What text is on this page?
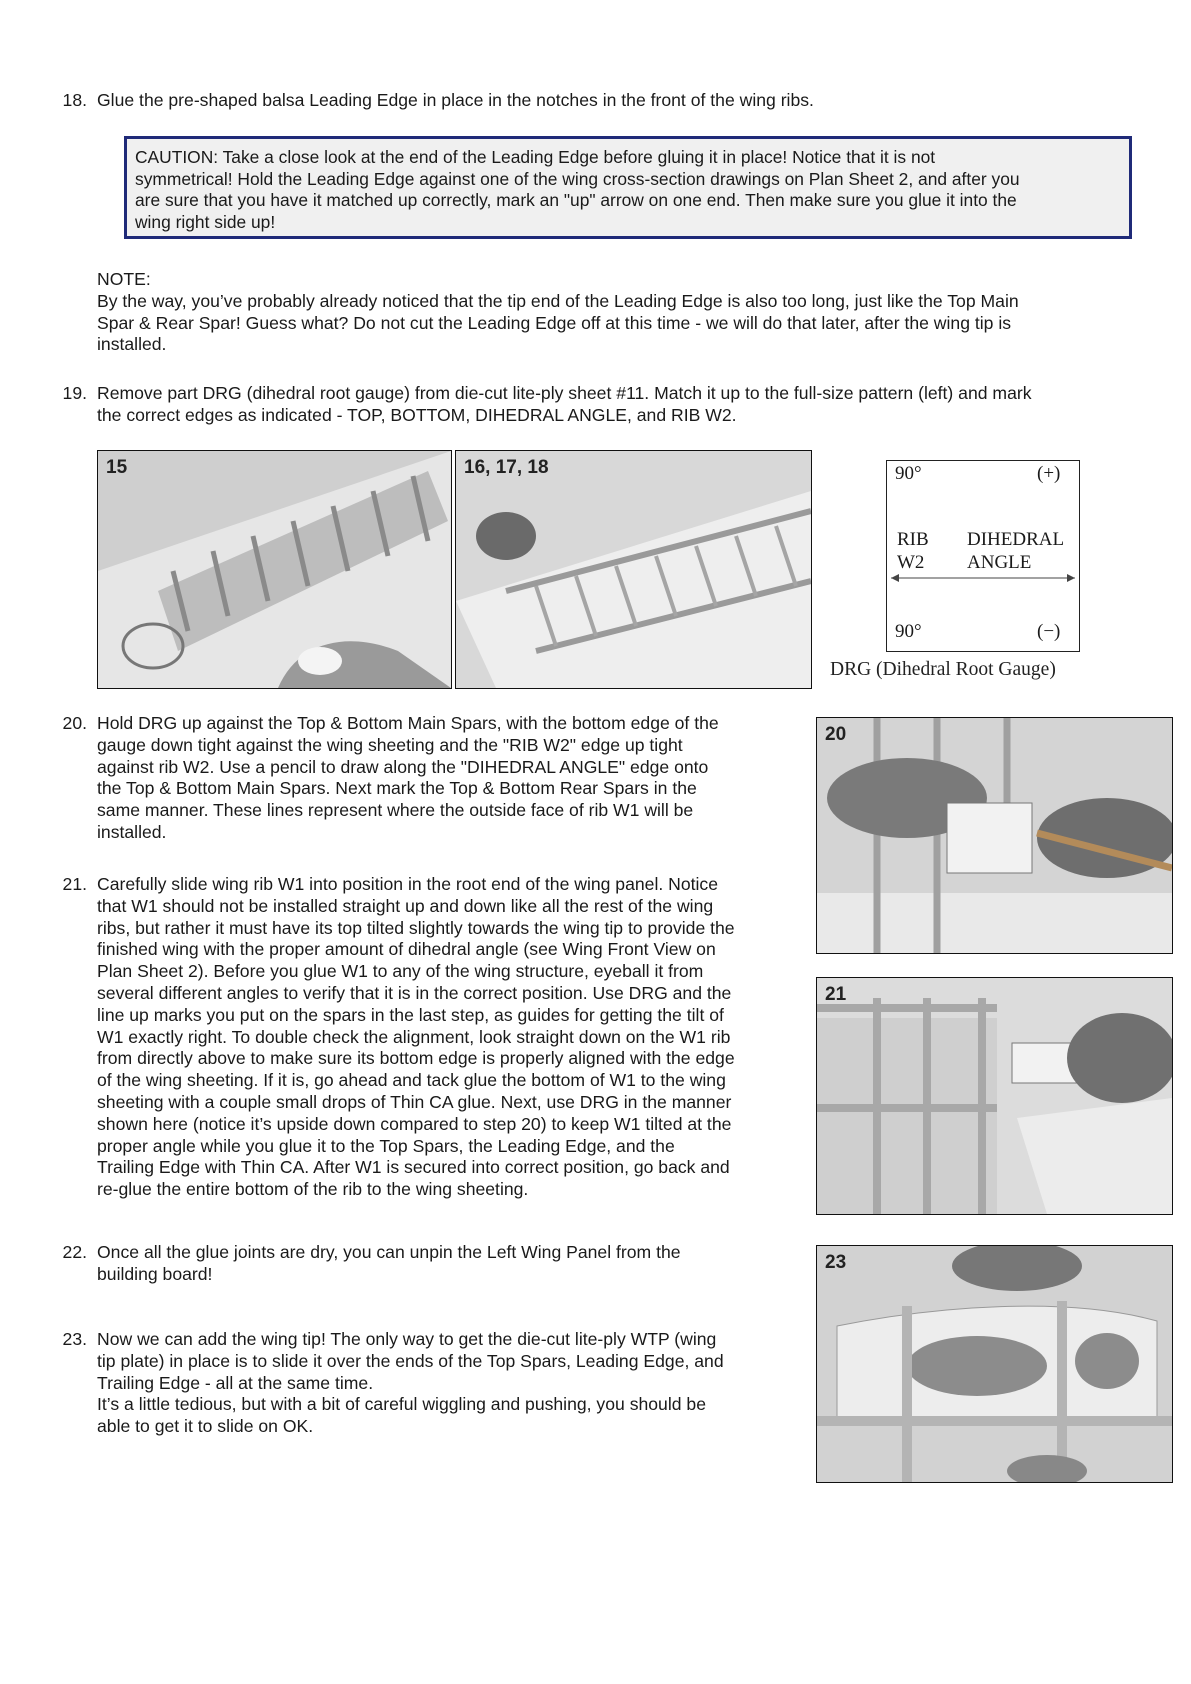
18. Glue the pre-shaped balsa Leading Edge in place in the notches in the front of the wing ribs.
CAUTION: Take a close look at the end of the Leading Edge before gluing it in place! Notice that it is not
symmetrical! Hold the Leading Edge against one of the wing cross-section drawings on Plan Sheet 2, and after you
are sure that you have it matched up correctly, mark an "up" arrow on one end. Then make sure you glue it into the
wing right side up!
NOTE:
By the way, you’ve probably already noticed that the tip end of the Leading Edge is also too long, just like the Top Main
Spar & Rear Spar! Guess what? Do not cut the Leading Edge off at this time - we will do that later, after the wing tip is
installed.
19. Remove part DRG (dihedral root gauge) from die-cut lite-ply sheet #11. Match it up to the full-size pattern (left) and mark
the correct edges as indicated - TOP, BOTTOM, DIHEDRAL ANGLE, and RIB W2.
15	16, 17, 18	90°	(+)
RIB
W2
DIHEDRAL
ANGLE
90°	(−)
DRG (Dihedral Root Gauge)
20. Hold DRG up against the Top & Bottom Main Spars, with the bottom edge of the
gauge down tight against the wing sheeting and the "RIB W2" edge up tight
against rib W2. Use a pencil to draw along the "DIHEDRAL ANGLE" edge onto
the Top & Bottom Main Spars. Next mark the Top & Bottom Rear Spars in the
same manner. These lines represent where the outside face of rib W1 will be
installed.
20
21. Carefully slide wing rib W1 into position in the root end of the wing panel. Notice
that W1 should not be installed straight up and down like all the rest of the wing
ribs, but rather it must have its top tilted slightly towards the wing tip to provide the
finished wing with the proper amount of dihedral angle (see Wing Front View on
Plan Sheet 2). Before you glue W1 to any of the wing structure, eyeball it from
several different angles to verify that it is in the correct position. Use DRG and the
line up marks you put on the spars in the last step, as guides for getting the tilt of
W1 exactly right. To double check the alignment, look straight down on the W1 rib
from directly above to make sure its bottom edge is properly aligned with the edge
of the wing sheeting. If it is, go ahead and tack glue the bottom of W1 to the wing
sheeting with a couple small drops of Thin CA glue. Next, use DRG in the manner
shown here (notice it’s upside down compared to step 20) to keep W1 tilted at the
proper angle while you glue it to the Top Spars, the Leading Edge, and the
Trailing Edge with Thin CA. After W1 is secured into correct position, go back and
re-glue the entire bottom of the rib to the wing sheeting.
21
22. Once all the glue joints are dry, you can unpin the Left Wing Panel from the
building board!
23
23. Now we can add the wing tip! The only way to get the die-cut lite-ply WTP (wing
tip plate) in place is to slide it over the ends of the Top Spars, Leading Edge, and
Trailing Edge - all at the same time.
It’s a little tedious, but with a bit of careful wiggling and pushing, you should be
able to get it to slide on OK.
